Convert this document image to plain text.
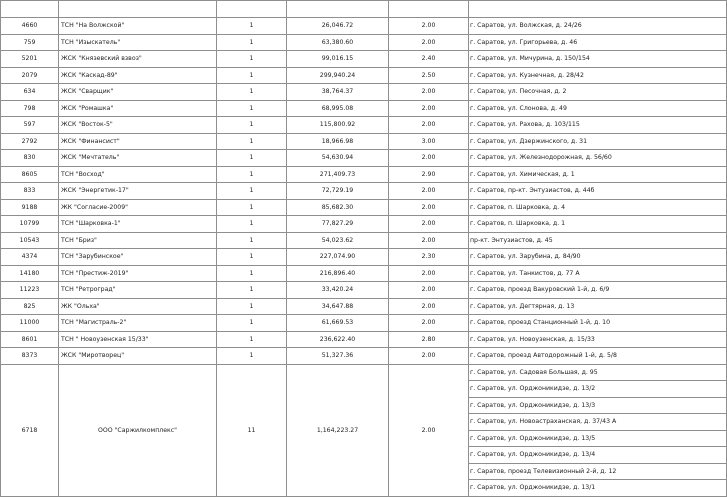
4660	ТСН "На Волжской"	1	26,046.72	2.00	г. Саратов, ул. Волжская, д. 24/26
759	ТСН "Изыскатель"	1	63,380.60	2.00	г. Саратов, ул. Григорьева, д. 46
5201	ЖСК "Князевский взвоз"	1	99,016.15	2.40	г. Саратов, ул. Мичурина, д. 150/154
2079	ЖСК "Каскад-89"	1	299,940.24	2.50	г. Саратов, ул. Кузнечная, д. 28/42
634	ЖСК "Сварщик"	1	38,764.37	2.00	г. Саратов, ул. Песочная, д. 2
798	ЖСК "Ромашка"	1	68,995.08	2.00	г. Саратов, ул. Слонова, д. 49
597	ЖСК "Восток-5"	1	115,800.92	2.00	г. Саратов, ул. Рахова, д. 103/115
2792	ЖСК "Финансист"	1	18,966.98	3.00	г. Саратов, ул. Дзержинского, д. 31
830	ЖСК "Мечтатель"	1	54,630.94	2.00	г. Саратов, ул. Железнодорожная, д. 56/60
8605	ТСН "Восход"	1	271,409.73	2.90	г. Саратов, ул. Химическая, д. 1
833	ЖСК "Энергетик-17"	1	72,729.19	2.00	г. Саратов, пр-кт. Энтузиастов, д. 44б
9188	ЖК "Согласие-2009"	1	85,682.30	2.00	г. Саратов, п. Шарковка, д. 4
10799	ТСН "Шарковка-1"	1	77,827.29	2.00	г. Саратов, п. Шарковка, д. 1
10543	ТСН "Бриз"	1	54,023.62	2.00	пр-кт. Энтузиастов, д. 45
4374	ТСН "Зарубинское"	1	227,074.90	2.30	г. Саратов, ул. Зарубина, д. 84/90
14180	ТСН "Престиж-2019"	1	216,896.40	2.00	г. Саратов, ул. Танкистов, д. 77 А
11223	ТСН "Ретроград"	1	33,420.24	2.00	г. Саратов, проезд Вакуровский 1-й, д. 6/9
825	ЖК "Ольха"	1	34,647.88	2.00	г. Саратов, ул. Дегтярная, д. 13
11000	ТСН "Магистраль-2"	1	61,669.53	2.00	г. Саратов, проезд Станционный 1-й, д. 10
8601	ТСН " Новоузенская 15/33"	1	236,622.40	2.80	г. Саратов, ул. Новоузенская, д. 15/33
8373	ЖСК "Миротворец"	1	51,327.36	2.00	г. Саратов, проезд Автодорожный 1-й, д. 5/8
6718	ООО "Саржилкомплекс"	11	1,164,223.27	2.00	г. Саратов, ул. Садовая Большая, д. 95
					г. Саратов, ул. Орджоникидзе, д. 13/2
					г. Саратов, ул. Орджоникидзе, д. 13/3
					г. Саратов, ул. Новоастраханская, д. 37/43 А
					г. Саратов, ул. Орджоникидзе, д. 13/5
					г. Саратов, ул. Орджоникидзе, д. 13/4
					г. Саратов, проезд Телевизионный 2-й, д. 12
					г. Саратов, ул. Орджоникидзе, д. 13/1
